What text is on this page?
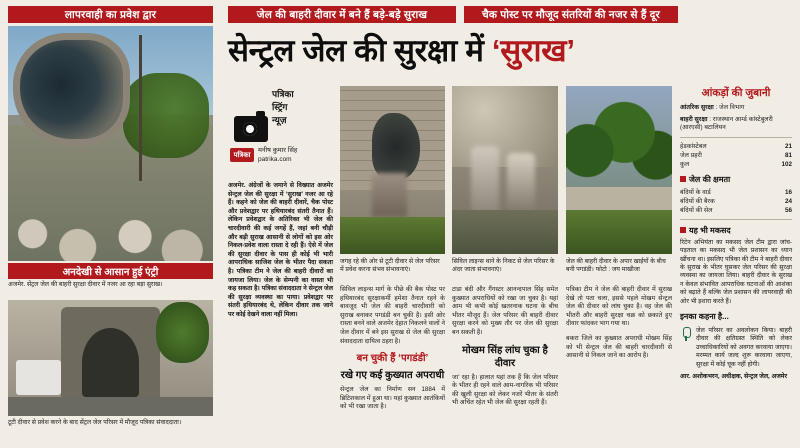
लापरवाही का प्रवेश द्वार	जेल की बाहरी दीवार में बने हैं बड़े-बड़े सुराख	चैक पोस्ट पर मौजूद संतरियों की नजर से हैं दूर
सेन्ट्रल जेल की सुरक्षा में ‘सुराख’
अनदेखी से आसान हुई एंट्री
अजमेर. सेंट्रल जेल की बाहरी सुरक्षा दीवार में नजर आ रहा बड़ा सुराख।
टूटी दीवार से प्रवेश करने के बाद सेंट्रल जेल परिसर में मौजूद पत्रिका संवाददाता।
पत्रिका
स्ट्रिंग
न्यूज़
पत्रिका
मनीष कुमार सिंह
patrika.com

अजमेर. अंग्रेजों के जमाने से विख्यात अजमेर सेन्ट्रल जेल की सुरक्षा में ‘सुराख’ नजर आ रहे हैं। कहने को जेल की बाहरी दीवारें, चैक पोस्ट और प्रवेशद्वार पर हथियारबंद संतरी तैनात हैं। लेकिन प्रवेशद्वार के अतिरिक्त भी जेल की चारदीवारी की कई जगहें हैं, जहां बनी चौड़ी और बड़ी सुराख आसानी से लोगों को इस ओर निकल-प्रवेश वाला रास्ता दे रही हैं। ऐसे में जेल की सुरक्षा दीवार के पास ही कोई भी भारी आपराधिक साजिश जेल के भीतर पैदा सकता है। पत्रिका टीम ने जेल की बाहरी दीवारों का जायजा लिया। जेल के सेम्पनी का वास्ता भी कह सकता है। पत्रिका संवाददाता ने सेन्ट्रल जेल की सुरक्षा व्यवस्था का पाया। प्रवेशद्वार पर संतरी हथियारबंद थे, लेकिन दीवार तक जाने पर कोई देखने वाला नहीं मिला।

जगह रहे की ओर से टूटी दीवार से जेल परिसर में प्रवेश करना संभव संभावनाएं।
सिविल लाइन्स थाने के निकट से जेल परिसर के अंदर जाता संभावनाएं।
जेल की बाहरी दीवार के अपार खाईयों के बीच बनी पगडंडी। फोटो : जय माखीजा

सिविल लाइन्स मार्ग के पीछे की बैक पोस्ट पर हथियारबंद सुरक्षाकर्मी हमेशा तैनात रहने के बावजूद भी जेल की बाहरी चारदीवारी को सुराख बनाकर पगडंडी बन चुकी है। इसी ओर रास्ता बनने वाले अजमेर देहात निकलने वालों ने जेल दीवार में बने इस सुराख से जेल की सुरक्षा संवाददाता दायित्व ठहरा है।

बन चुकी हैं ‘पगडंडी’
रखे गए कई कुख्यात अपराधी

सेन्ट्रल जेल का निर्माण सन 1884 में ब्रिटिशकाल में हुआ था। यहां कुख्यात आतंकियों को भी रखा जाता है।

टाडा बंदी और गैंगस्टर आनन्दपाल सिंह समेत कुख्यात अपराधियों को रखा जा चुका है। यहां आम भी कभी कोई खतरनाक घटना के बीच भीतर मौजूद हैं। जेल परिसर की बाहरी दीवार सुरक्षा करने को मुख्य तौर पर जेल की सुरक्षा बन सकती है।

मोखम सिंह लांघ चुका है दीवार

जा’ रहा है। हालात यहां तक हैं कि जेल परिसर के भीतर ही रहने वाले आम-नागरिक भी परिसर की खुली सुरक्षा को लेकर नजरें भीतर के संतरी भी अचिंत रहेत भी जेल की सुरक्षा रहती हैं।

पत्रिका टीम ने जेल की बाहरी दीवार में सुराख देखे तो पता चला, इससे पहले मोखम सेन्ट्रल जेल की दीवार को लांघ चुका है। वह जेल की भीतरी और बाहरी सुरक्षा चक्र को छकाते हुए दीवार फांदकर भाग गया था।

बकरा जिले का कुख्यात अपराधी मोखम सिंह को भी सेन्ट्रल जेल की बाहरी चारदीवारी से आसानी से निकल जाने का आरोप है।

आंकड़ों की जुबानी
आंतरिक सुरक्षा : जेल विभाग
बाहरी सुरक्षा : राजस्थान आर्म्ड कांस्टेबुलरी (आरएसी) बटालियन
हेडकांस्टेबल	21
जेल प्रहरी	81
कुल	102
जेल की क्षमता
बंदियों के वार्ड	16
बंदियों की बैरक	24
बंदियों की सेल	56
यह भी मकसद
रिटेन अभियंता का मकसद जेल टीम द्वारा जांच-पड़ताल का मकसद भी जेल प्रशासन का ध्यान खींचना था। इसलिए पत्रिका की टीम ने बाहरी दीवार के सुराख के भीतर घुसकर जेल परिसर की सुरक्षा व्यवस्था का जायजा लिया। बाहरी दीवार के सुराख न केवल संभावित आपराधिक घटनाओं की आशंका को बढ़ाते हैं बल्कि जेल प्रशासन की लापरवाही की ओर भी इशारा करते हैं।
इनका कहना है...
जेल परिसर का अवलोकन किया। बाहरी दीवार की क्षतिग्रस्त स्थिति को लेकर उच्चाधिकारियों को अवगत करवाया जाएगा। मरम्मत कार्य जल्द शुरू करवाया जाएगा, सुरक्षा में कोई चूक नहीं होगी।
आर. अशोकभरन, अधीक्षक, सेन्ट्रल जेल, अजमेर
